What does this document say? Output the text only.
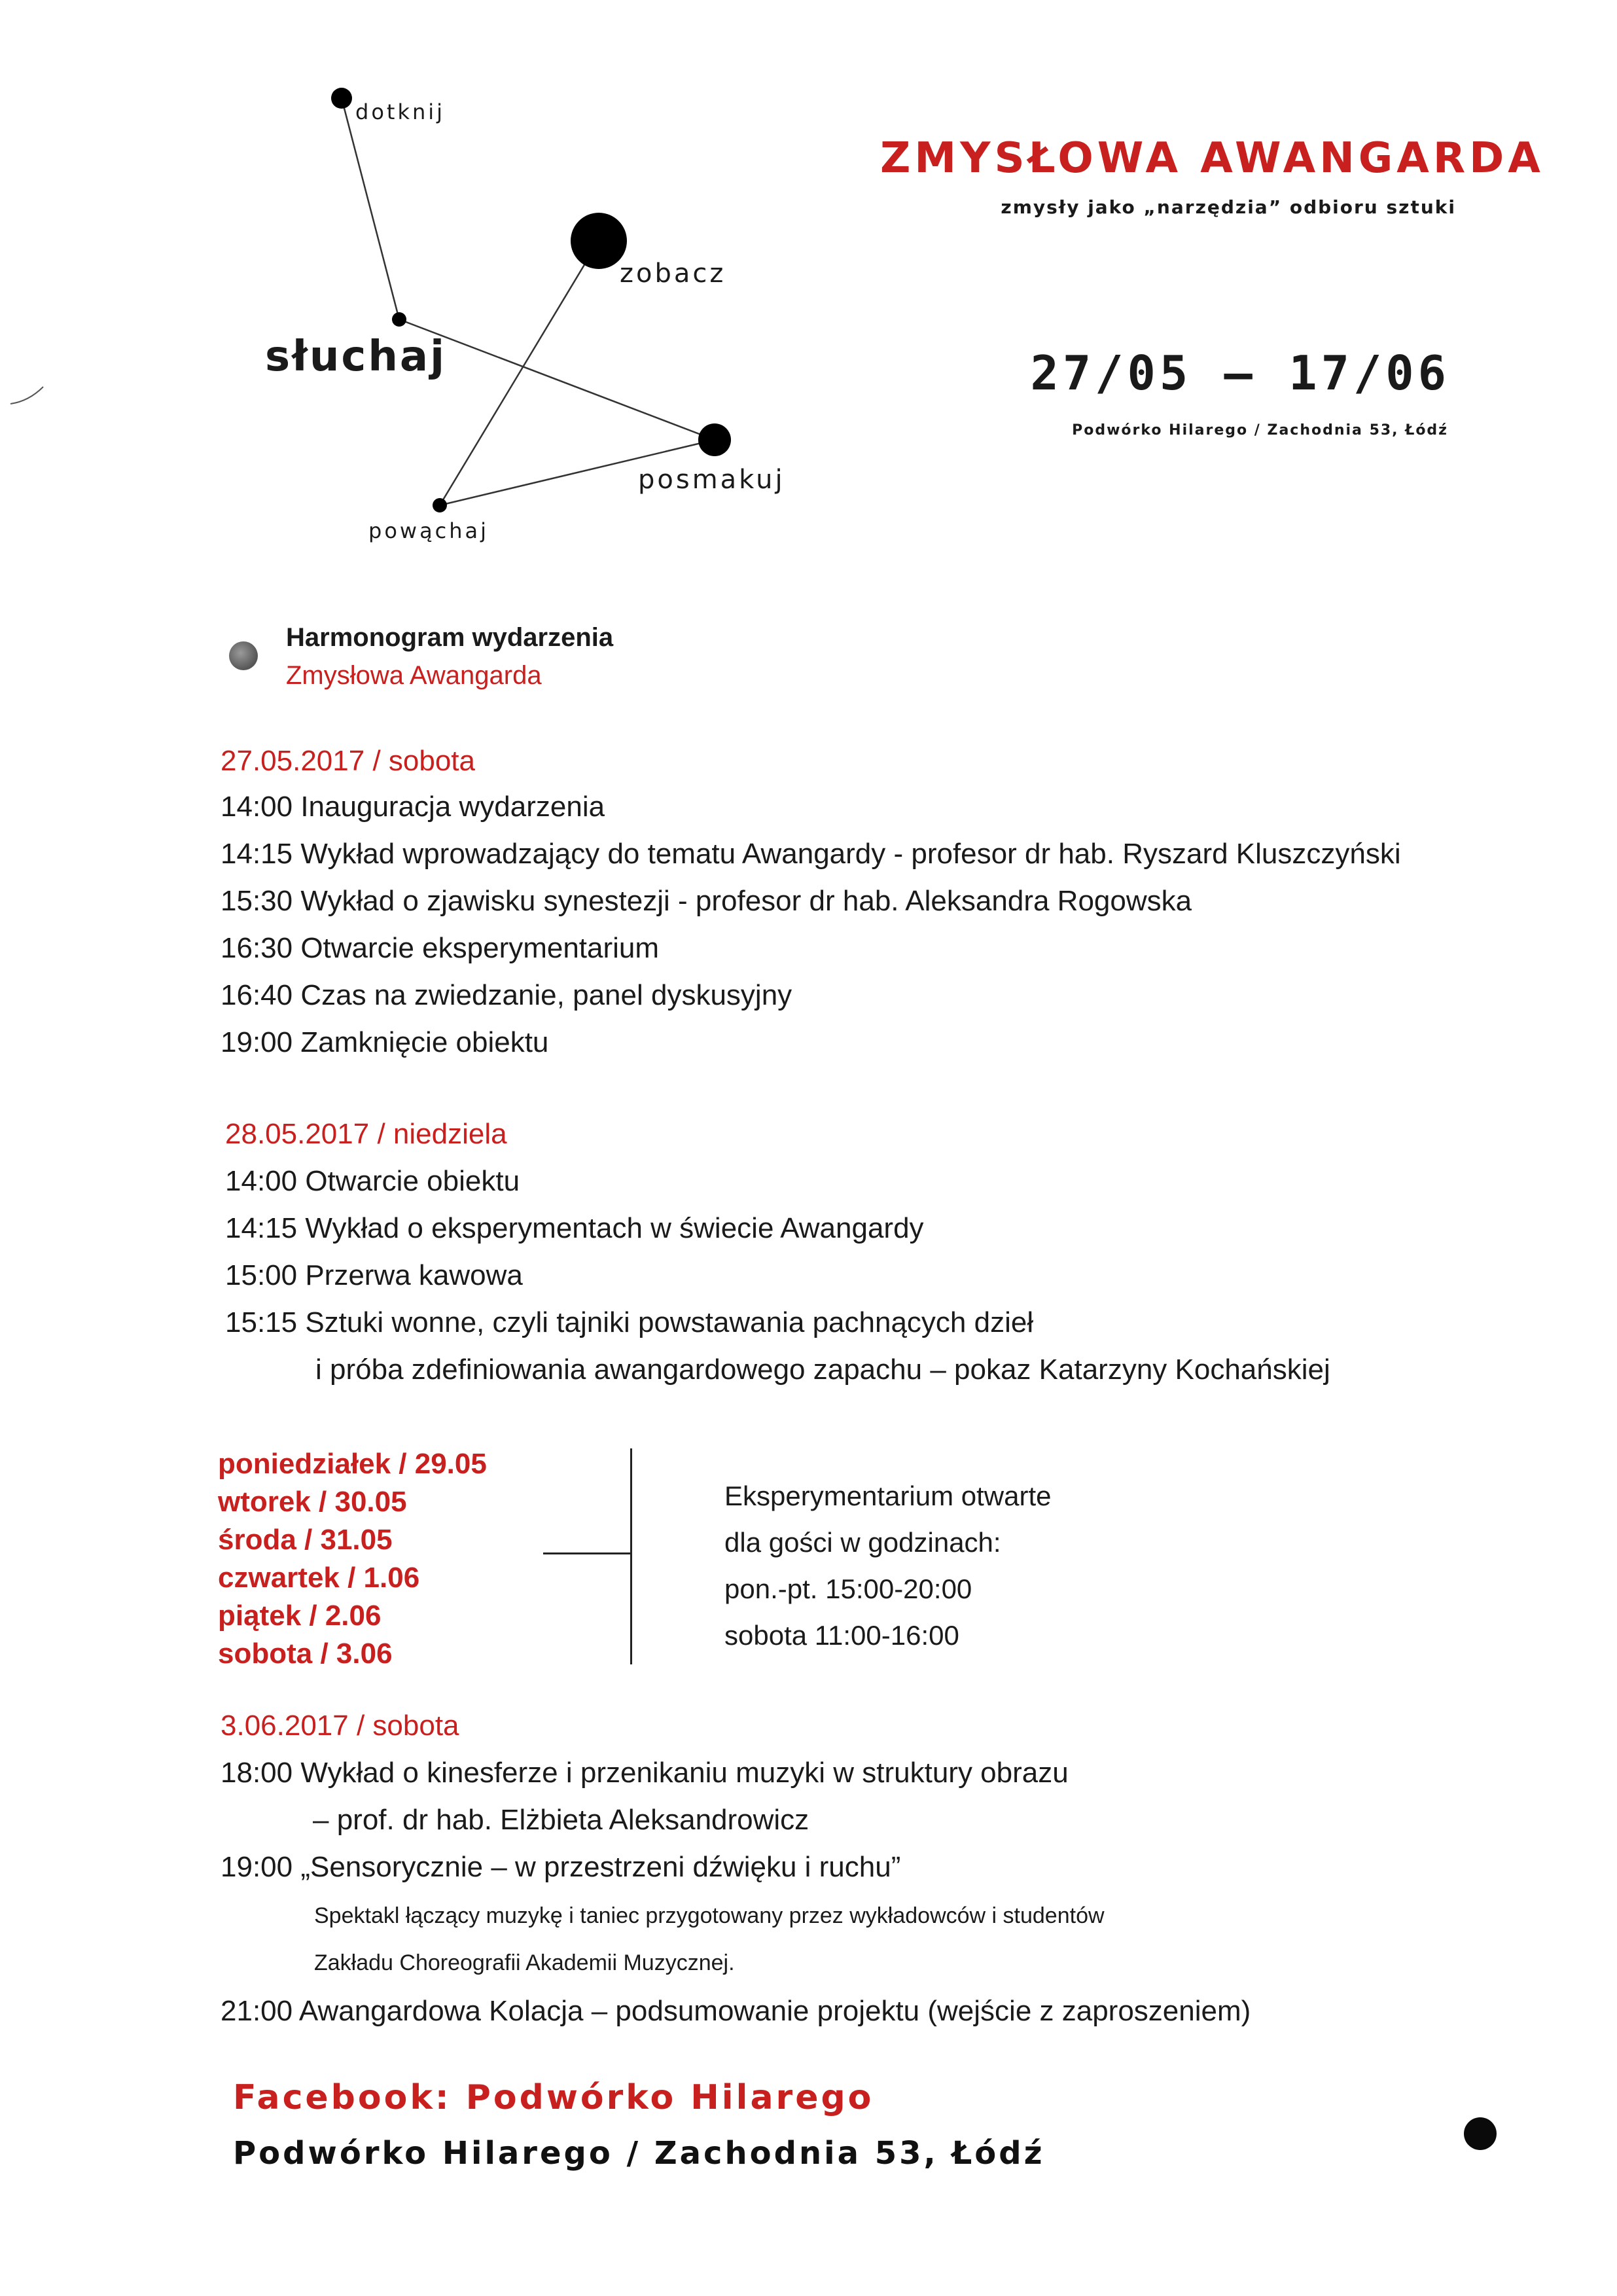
dotknij
zobacz
słuchaj
posmakuj
powąchaj
ZMYSŁOWA AWANGARDA
zmysły jako „narzędzia” odbioru sztuki
27/05 — 17/06
Podwórko Hilarego / Zachodnia 53, Łódź
Harmonogram wydarzenia
Zmysłowa Awangarda
27.05.2017 / sobota
14:00 Inauguracja wydarzenia
14:15 Wykład wprowadzający do tematu Awangardy - profesor dr hab. Ryszard Kluszczyński
15:30 Wykład o zjawisku synestezji - profesor dr hab. Aleksandra Rogowska
16:30 Otwarcie eksperymentarium
16:40 Czas na zwiedzanie, panel dyskusyjny
19:00 Zamknięcie obiektu
28.05.2017 / niedziela
14:00 Otwarcie obiektu
14:15 Wykład o eksperymentach w świecie Awangardy
15:00 Przerwa kawowa
15:15 Sztuki wonne, czyli tajniki powstawania pachnących dzieł
i próba zdefiniowania awangardowego zapachu – pokaz Katarzyny Kochańskiej
poniedziałek / 29.05
wtorek / 30.05
środa / 31.05
czwartek / 1.06
piątek / 2.06
sobota / 3.06
Eksperymentarium otwarte
dla gości w godzinach:
pon.-pt. 15:00-20:00
sobota 11:00-16:00
3.06.2017 / sobota
18:00 Wykład o kinesferze i przenikaniu muzyki w struktury obrazu
– prof. dr hab. Elżbieta Aleksandrowicz
19:00 „Sensorycznie – w przestrzeni dźwięku i ruchu”
Spektakl łączący muzykę i taniec przygotowany przez wykładowców i studentów
Zakładu Choreografii Akademii Muzycznej.
21:00 Awangardowa Kolacja – podsumowanie projektu (wejście z zaproszeniem)
Facebook: Podwórko Hilarego
Podwórko Hilarego / Zachodnia 53, Łódź
